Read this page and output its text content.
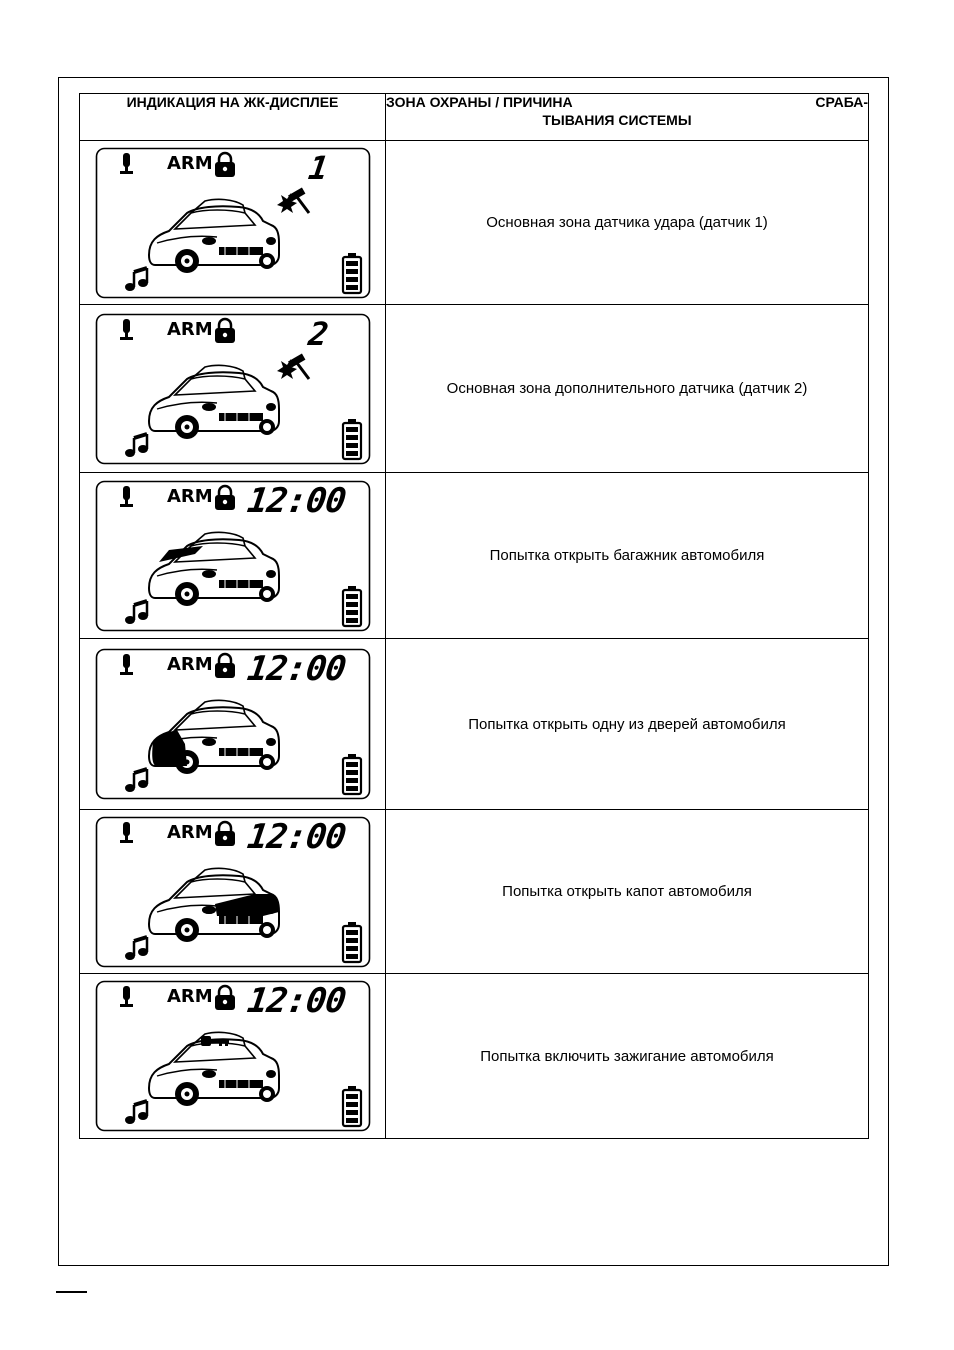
ИНДИКАЦИЯ НА ЖК-ДИСПЛЕЕ	ЗОНА ОХРАНЫ / ПРИЧИНА СРАБА-
ТЫВАНИЯ СИСТЕМЫ

ARM 1	Основная зона датчика удара (датчик 1)

ARM 2	Основная зона дополнительного датчика (датчик 2)

ARM 12:00	Попытка открыть багажник автомобиля

ARM 12:00	Попытка открыть одну из дверей автомобиля

ARM 12:00	Попытка открыть капот автомобиля

ARM 12:00	Попытка включить зажигание автомобиля
